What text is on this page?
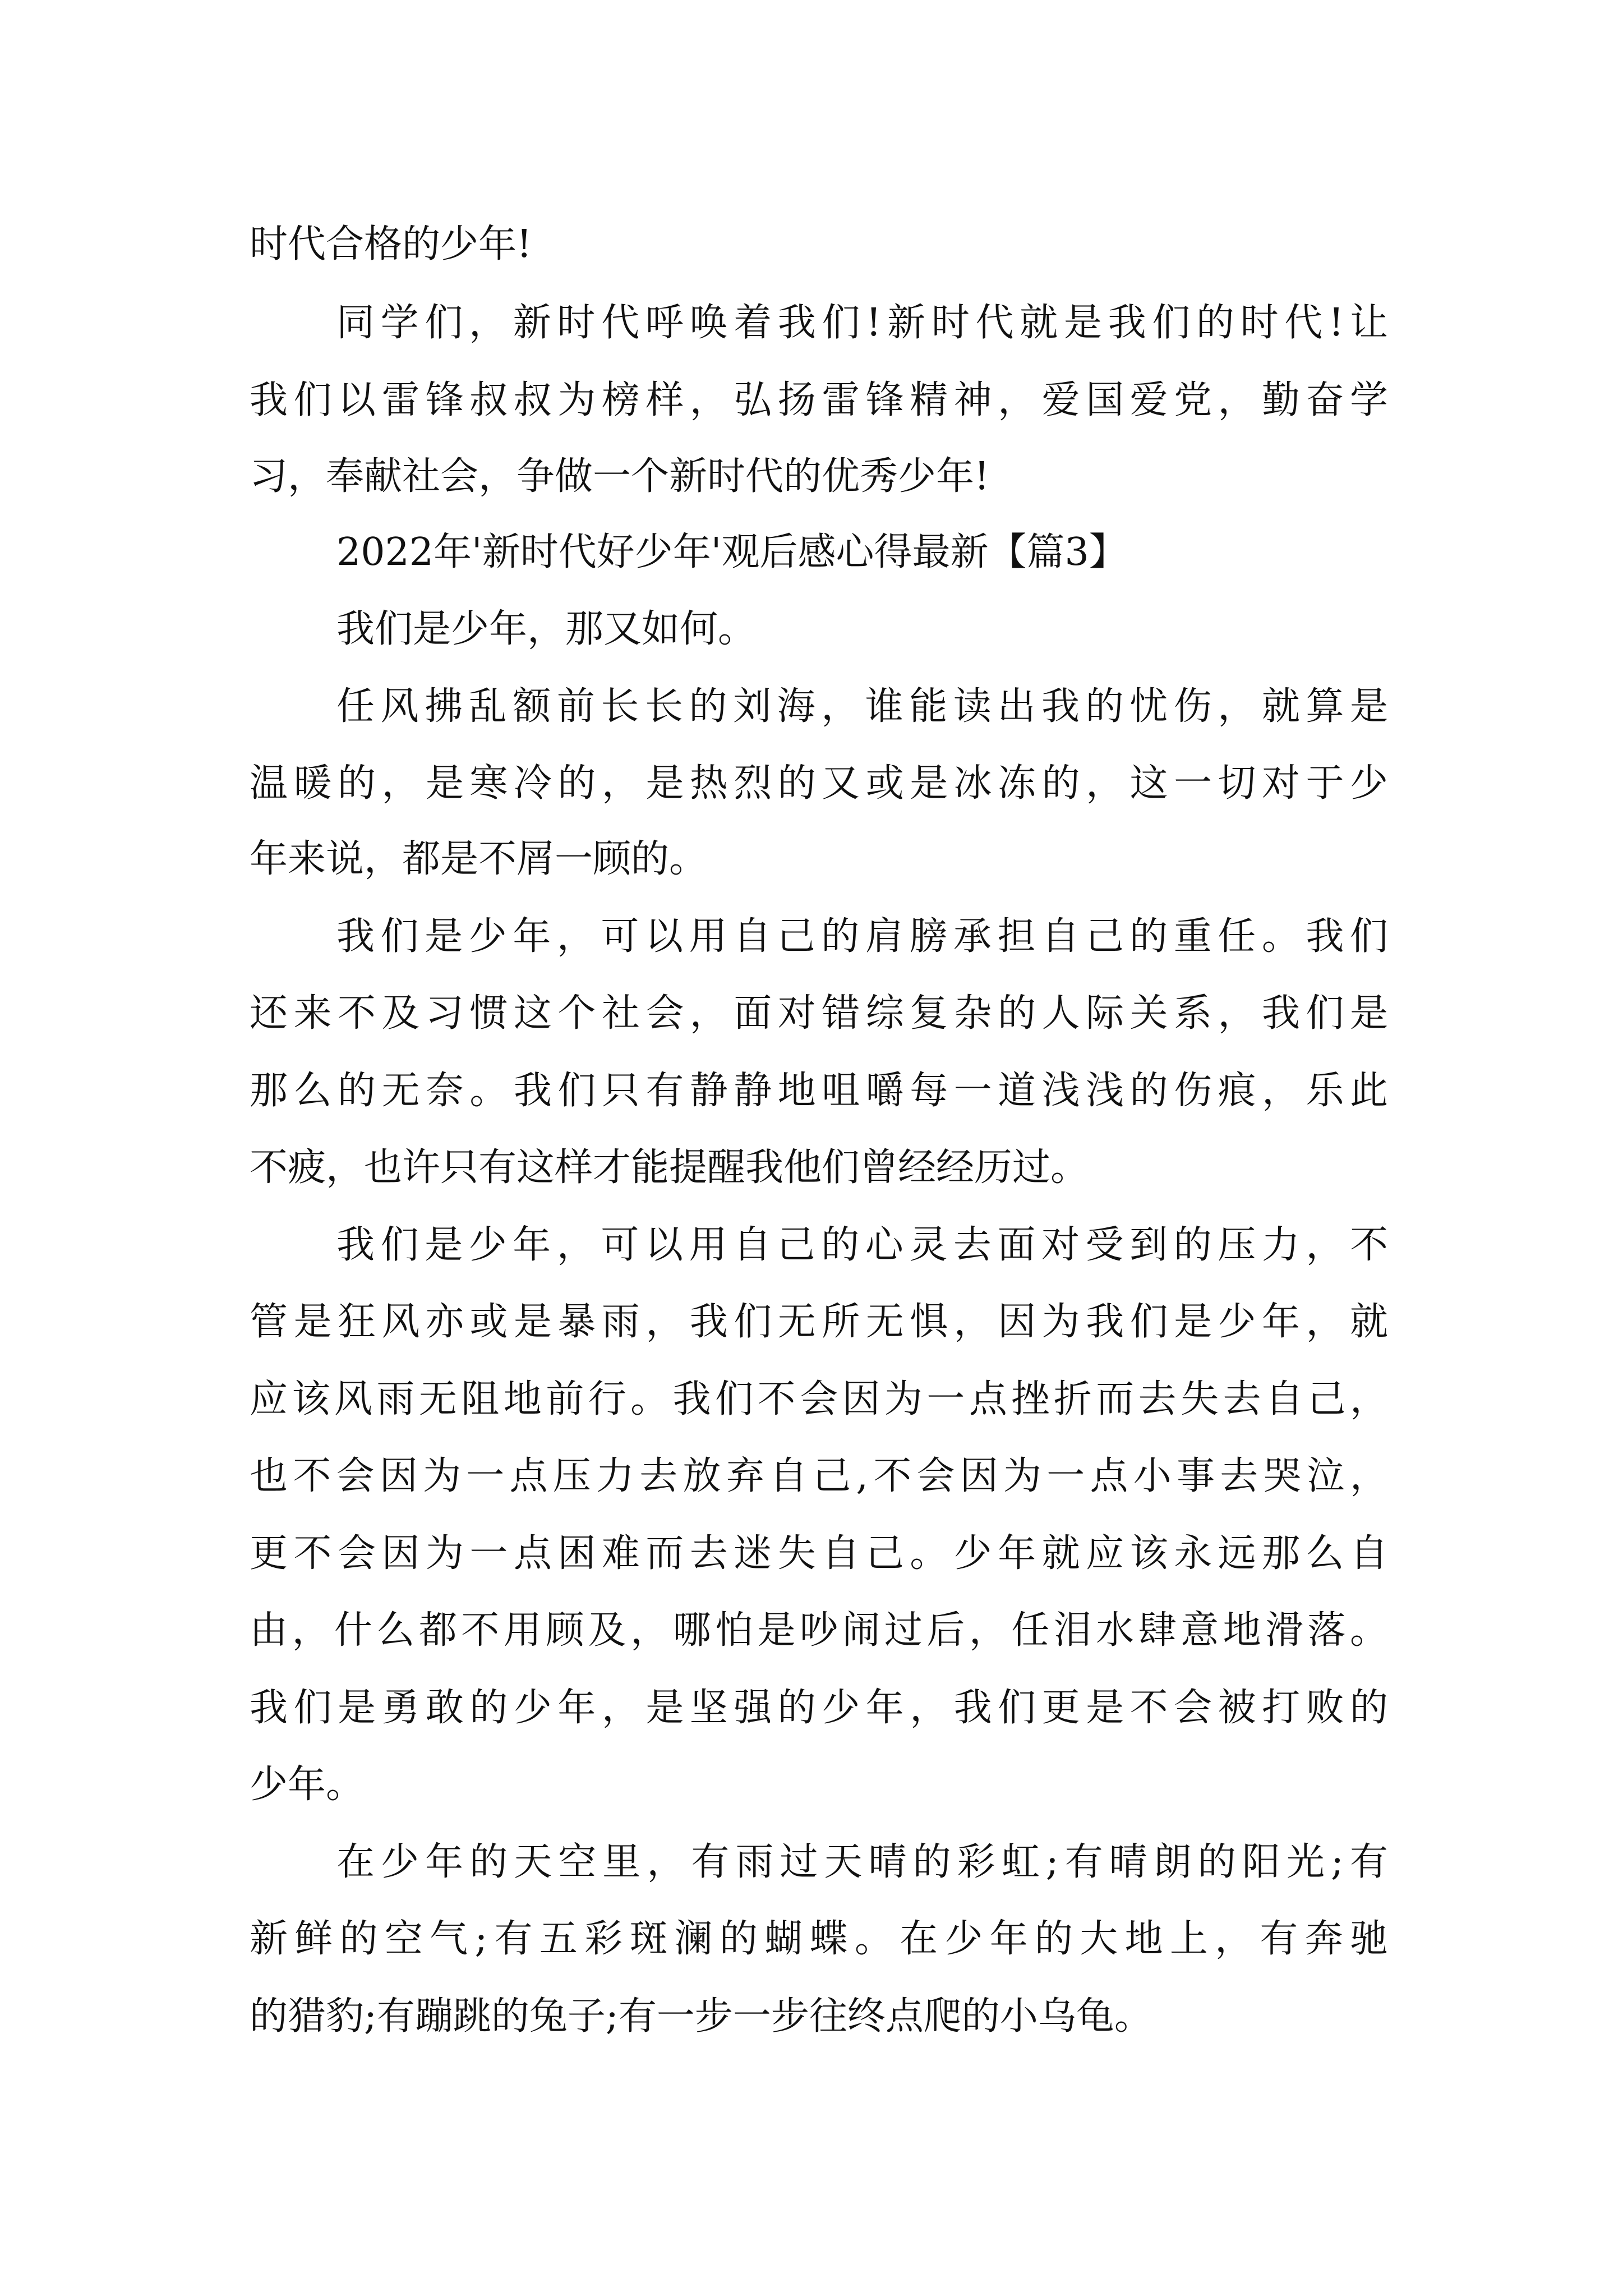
时代合格的少年!

同学们，新时代呼唤着我们!新时代就是我们的时代!让

我们以雷锋叔叔为榜样，弘扬雷锋精神，爱国爱党，勤奋学

习，奉献社会，争做一个新时代的优秀少年!

2022年'新时代好少年'观后感心得最新【篇3】

我们是少年，那又如何。

任风拂乱额前长长的刘海，谁能读出我的忧伤，就算是

温暖的，是寒冷的，是热烈的又或是冰冻的，这一切对于少

年来说，都是不屑一顾的。

我们是少年，可以用自己的肩膀承担自己的重任。我们

还来不及习惯这个社会，面对错综复杂的人际关系，我们是

那么的无奈。我们只有静静地咀嚼每一道浅浅的伤痕，乐此

不疲，也许只有这样才能提醒我他们曾经经历过。

我们是少年，可以用自己的心灵去面对受到的压力，不

管是狂风亦或是暴雨，我们无所无惧，因为我们是少年，就

应该风雨无阻地前行。我们不会因为一点挫折而去失去自己，

也不会因为一点压力去放弃自己,不会因为一点小事去哭泣，

更不会因为一点困难而去迷失自己。少年就应该永远那么自

由，什么都不用顾及，哪怕是吵闹过后，任泪水肆意地滑落。

我们是勇敢的少年，是坚强的少年，我们更是不会被打败的

少年。

在少年的天空里，有雨过天晴的彩虹;有晴朗的阳光;有

新鲜的空气;有五彩斑澜的蝴蝶。在少年的大地上，有奔驰

的猎豹;有蹦跳的兔子;有一步一步往终点爬的小乌龟。
